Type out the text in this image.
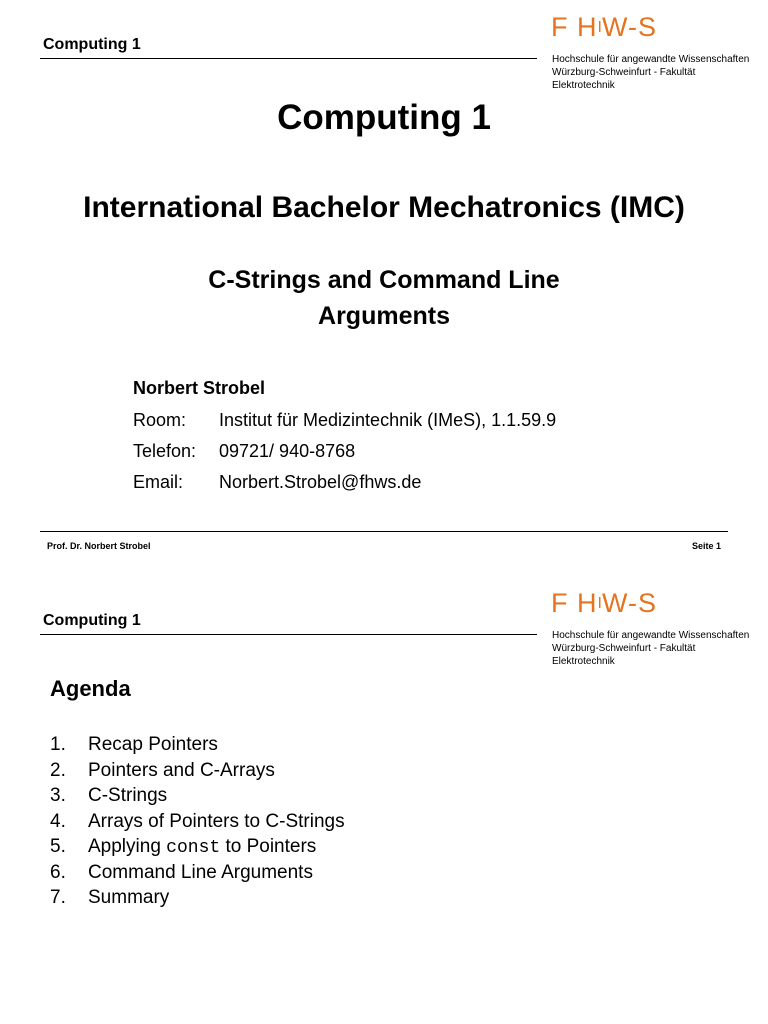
Computing 1
F HIW-S
Hochschule für angewandte Wissenschaften
Würzburg-Schweinfurt - Fakultät
Elektrotechnik
Computing 1
International Bachelor Mechatronics (IMC)
C-Strings and Command Line
Arguments
Norbert Strobel
Room: Institut für Medizintechnik (IMeS), 1.1.59.9
Telefon: 09721/ 940-8768
Email: Norbert.Strobel@fhws.de
Prof. Dr. Norbert Strobel	Seite 1
Computing 1
F HIW-S
Hochschule für angewandte Wissenschaften
Würzburg-Schweinfurt - Fakultät
Elektrotechnik
Agenda
1. Recap Pointers
2. Pointers and C-Arrays
3. C-Strings
4. Arrays of Pointers to C-Strings
5. Applying const to Pointers
6. Command Line Arguments
7. Summary
